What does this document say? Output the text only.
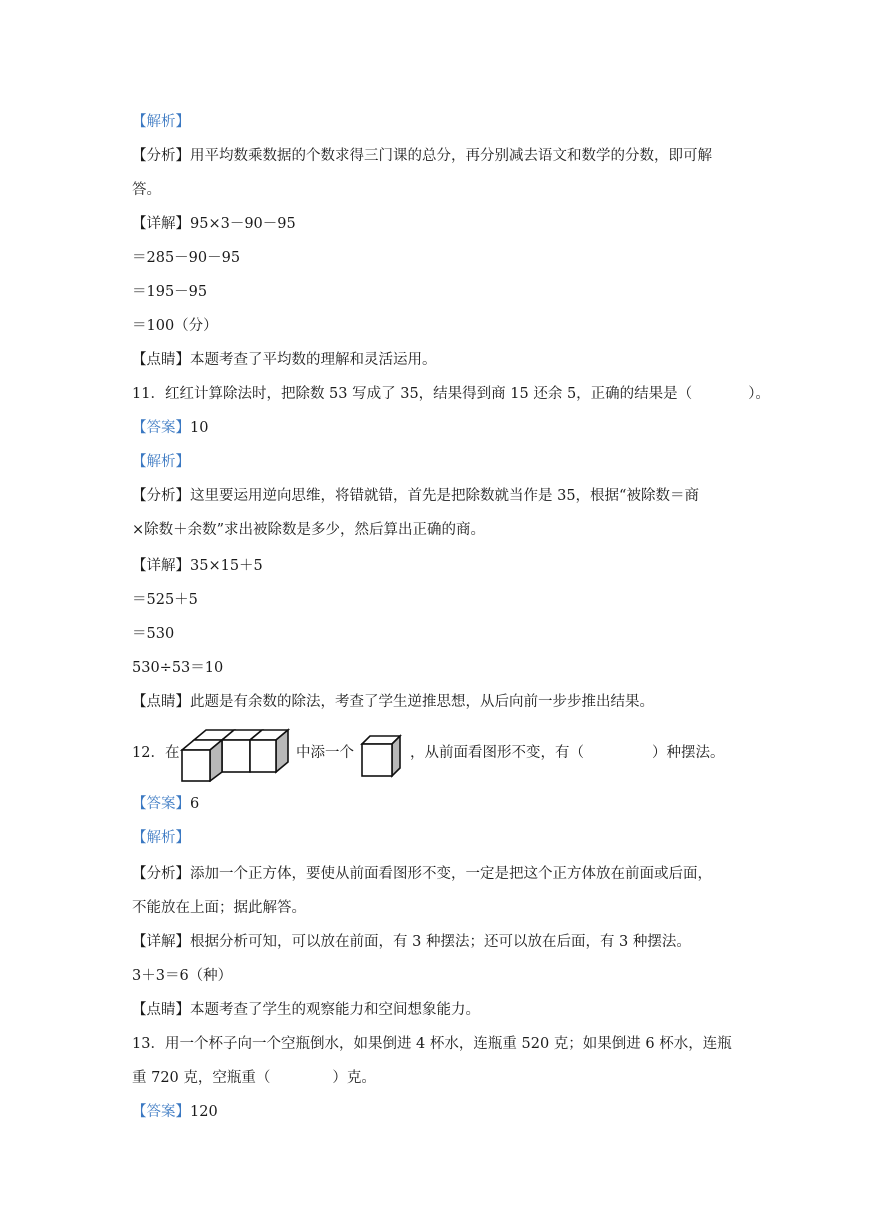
【解析】
【分析】用平均数乘数据的个数求得三门课的总分，再分别减去语文和数学的分数，即可解
答。
【详解】95×3－90－95
＝285－90－95
＝195－95
＝100（分）
【点睛】本题考查了平均数的理解和灵活运用。
11．红红计算除法时，把除数 53 写成了 35，结果得到商 15 还余 5，正确的结果是（	）。
【答案】10
【解析】
【分析】这里要运用逆向思维，将错就错，首先是把除数就当作是 35，根据“被除数＝商
×除数＋余数”求出被除数是多少，然后算出正确的商。
【详解】35×15＋5
＝525＋5
＝530
530÷53＝10
【点睛】此题是有余数的除法，考查了学生逆推思想，从后向前一步步推出结果。
12．在	中添一个	，从前面看图形不变，有（	）种摆法。
【答案】6
【解析】
【分析】添加一个正方体，要使从前面看图形不变，一定是把这个正方体放在前面或后面，
不能放在上面；据此解答。
【详解】根据分析可知，可以放在前面，有 3 种摆法；还可以放在后面，有 3 种摆法。
3＋3＝6（种）
【点睛】本题考查了学生的观察能力和空间想象能力。
13．用一个杯子向一个空瓶倒水，如果倒进 4 杯水，连瓶重 520 克；如果倒进 6 杯水，连瓶
重 720 克，空瓶重（	）克。
【答案】120
